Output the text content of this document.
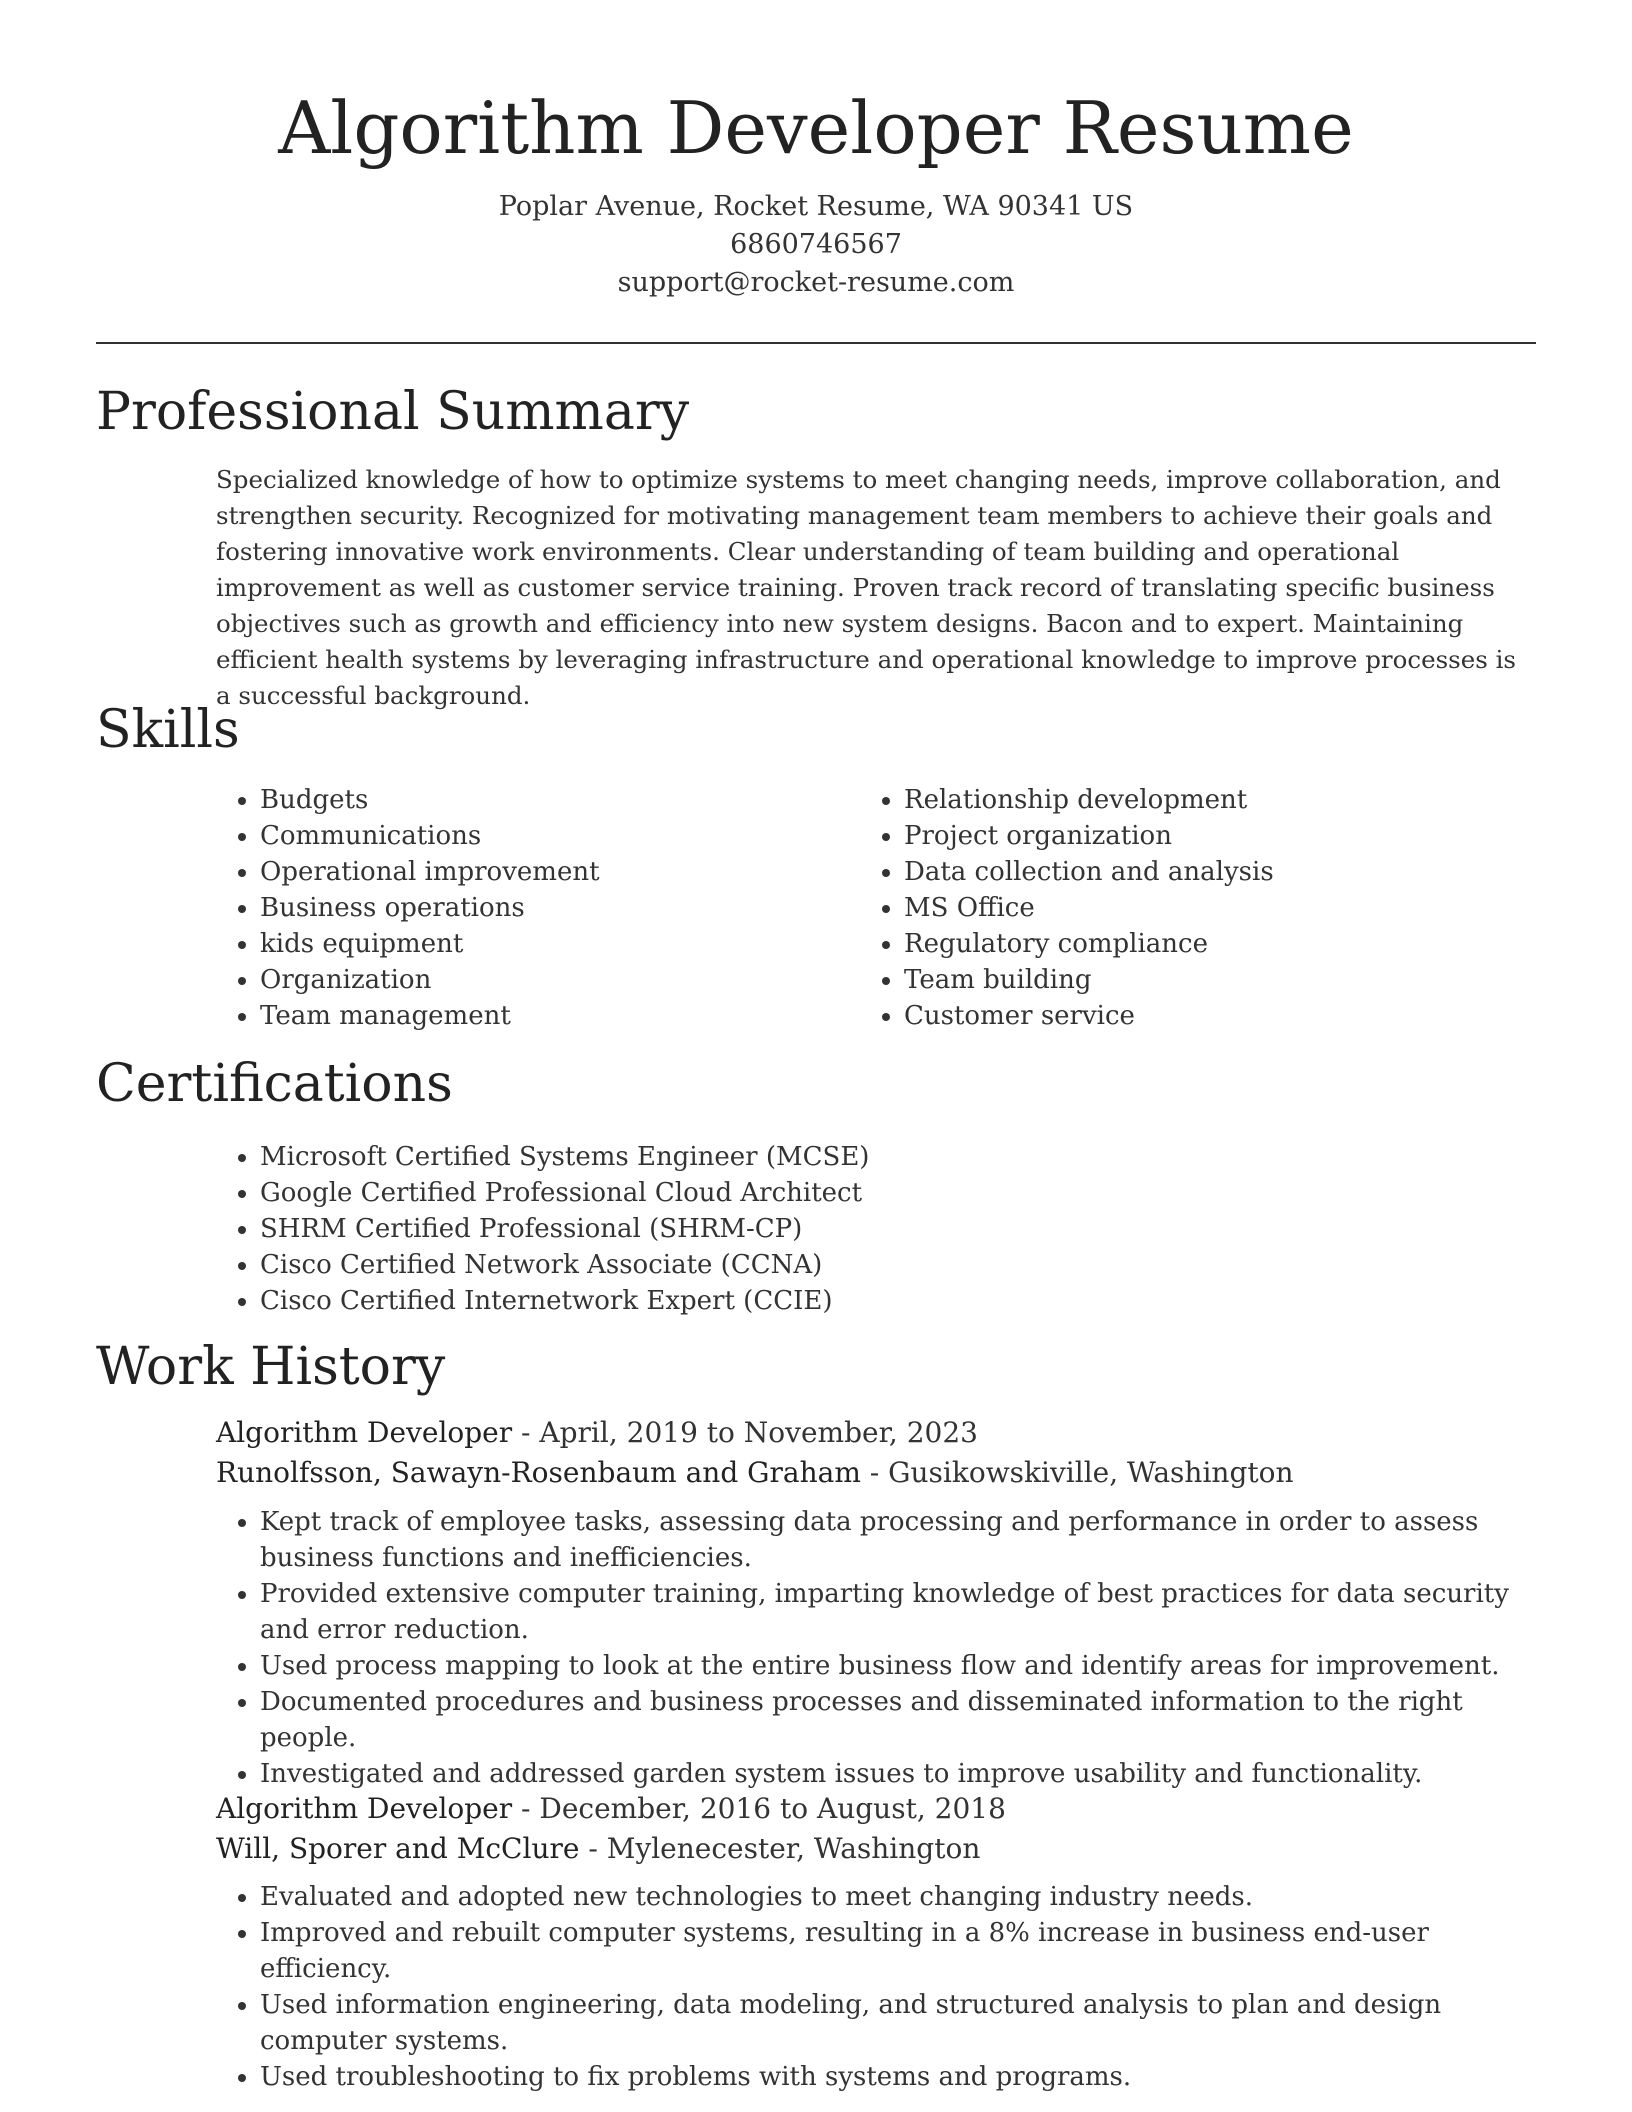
Algorithm Developer Resume
Poplar Avenue, Rocket Resume, WA 90341 US
6860746567
support@rocket-resume.com
Professional Summary

Specialized knowledge of how to optimize systems to meet changing needs, improve collaboration, and strengthen security. Recognized for motivating management team members to achieve their goals and fostering innovative work environments. Clear understanding of team building and operational improvement as well as customer service training. Proven track record of translating specific business objectives such as growth and efficiency into new system designs. Bacon and to expert. Maintaining efficient health systems by leveraging infrastructure and operational knowledge to improve processes is a successful background.

Skills
• Budgets
• Communications
• Operational improvement
• Business operations
• kids equipment
• Organization
• Team management
• Relationship development
• Project organization
• Data collection and analysis
• MS Office
• Regulatory compliance
• Team building
• Customer service
Certifications
• Microsoft Certified Systems Engineer (MCSE)
• Google Certified Professional Cloud Architect
• SHRM Certified Professional (SHRM-CP)
• Cisco Certified Network Associate (CCNA)
• Cisco Certified Internetwork Expert (CCIE)
Work History
Algorithm Developer - April, 2019 to November, 2023
Runolfsson, Sawayn-Rosenbaum and Graham - Gusikowskiville, Washington
• Kept track of employee tasks, assessing data processing and performance in order to assess business functions and inefficiencies.
• Provided extensive computer training, imparting knowledge of best practices for data security and error reduction.
• Used process mapping to look at the entire business flow and identify areas for improvement.
• Documented procedures and business processes and disseminated information to the right people.
• Investigated and addressed garden system issues to improve usability and functionality.
Algorithm Developer - December, 2016 to August, 2018
Will, Sporer and McClure - Mylenecester, Washington
• Evaluated and adopted new technologies to meet changing industry needs.
• Improved and rebuilt computer systems, resulting in a 8% increase in business end-user efficiency.
• Used information engineering, data modeling, and structured analysis to plan and design computer systems.
• Used troubleshooting to fix problems with systems and programs.
